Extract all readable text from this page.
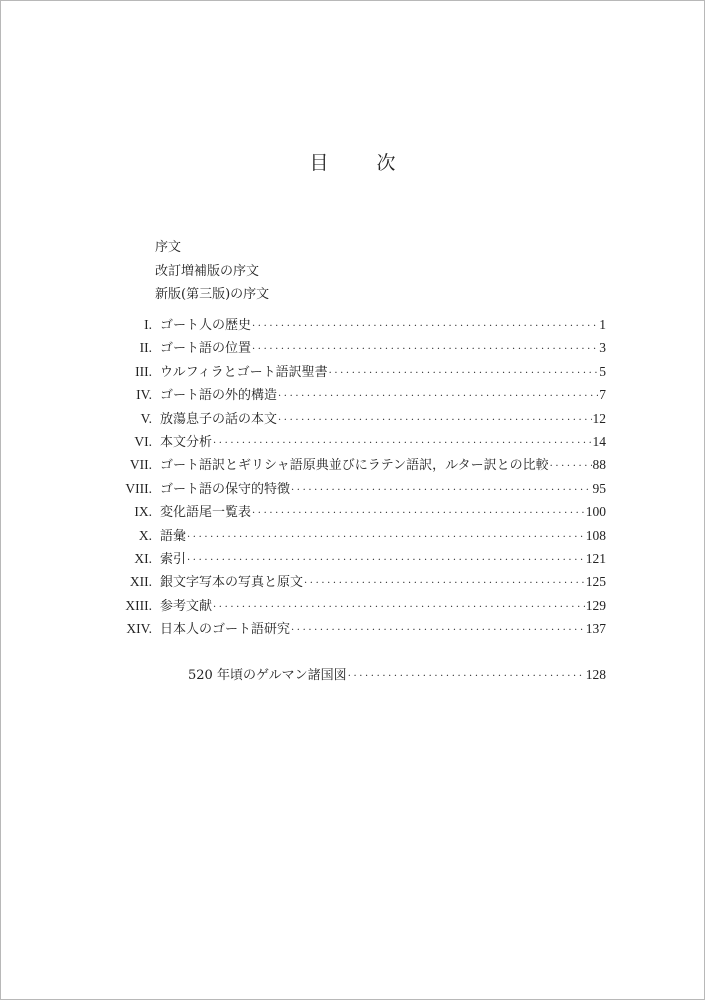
目	次
序文
改訂増補版の序文
新版(第三版)の序文
I. ゴート人の歴史 ·····	1
II. ゴート語の位置 ·····	3
III. ウルフィラとゴート語訳聖書 ·····	5
IV. ゴート語の外的構造 ·····	7
V. 放蕩息子の話の本文 ·····	12
VI. 本文分析 ·····	14
VII. ゴート語訳とギリシャ語原典並びにラテン語訳，ルター訳との比較 ·····	88
VIII. ゴート語の保守的特徴 ·····	95
IX. 変化語尾一覧表 ·····	100
X. 語彙 ·····	108
XI. 索引 ·····	121
XII. 銀文字写本の写真と原文 ·····	125
XIII. 参考文献 ·····	129
XIV. 日本人のゴート語研究 ·····	137
520 年頃のゲルマン諸国図 ·····	128
